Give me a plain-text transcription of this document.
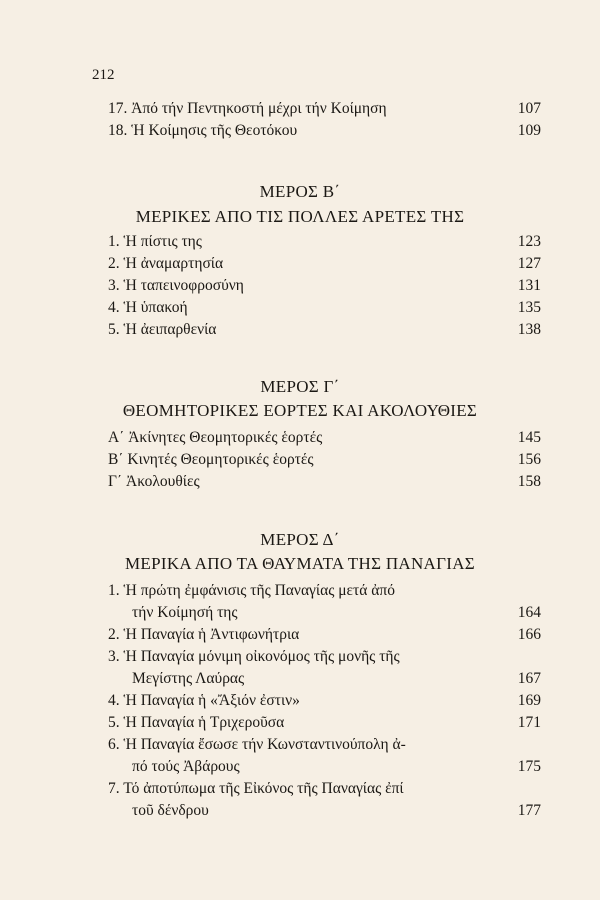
212
17. Ἀπό τήν Πεντηκοστή μέχρι τήν Κοίμηση	107
18. Ἡ Κοίμησις τῆς Θεοτόκου	109
ΜΕΡΟΣ Β΄
ΜΕΡΙΚΕΣ ΑΠΟ ΤΙΣ ΠΟΛΛΕΣ ΑΡΕΤΕΣ ΤΗΣ
1. Ἡ πίστις της	123
2. Ἡ ἀναμαρτησία	127
3. Ἡ ταπεινοφροσύνη	131
4. Ἡ ὑπακοή	135
5. Ἡ ἀειπαρθενία	138
ΜΕΡΟΣ Γ΄
ΘΕΟΜΗΤΟΡΙΚΕΣ ΕΟΡΤΕΣ ΚΑΙ ΑΚΟΛΟΥΘΙΕΣ
Α΄ Ἀκίνητες Θεομητορικές ἑορτές	145
Β΄ Κινητές Θεομητορικές ἑορτές	156
Γ΄ Ἀκολουθίες	158
ΜΕΡΟΣ Δ΄
ΜΕΡΙΚΑ ΑΠΟ ΤΑ ΘΑΥΜΑΤΑ ΤΗΣ ΠΑΝΑΓΙΑΣ
1. Ἡ πρώτη ἐμφάνισις τῆς Παναγίας μετά ἀπό
τήν Κοίμησή της	164
2. Ἡ Παναγία ἡ Ἀντιφωνήτρια	166
3. Ἡ Παναγία μόνιμη οἰκονόμος τῆς μονῆς τῆς
Μεγίστης Λαύρας	167
4. Ἡ Παναγία ἡ «Ἄξιόν ἐστιν»	169
5. Ἡ Παναγία ἡ Τριχεροῦσα	171
6. Ἡ Παναγία ἔσωσε τήν Κωνσταντινούπολη ἀ-
πό τούς Ἀβάρους	175
7. Τό ἀποτύπωμα τῆς Εἰκόνος τῆς Παναγίας ἐπί
τοῦ δένδρου	177
